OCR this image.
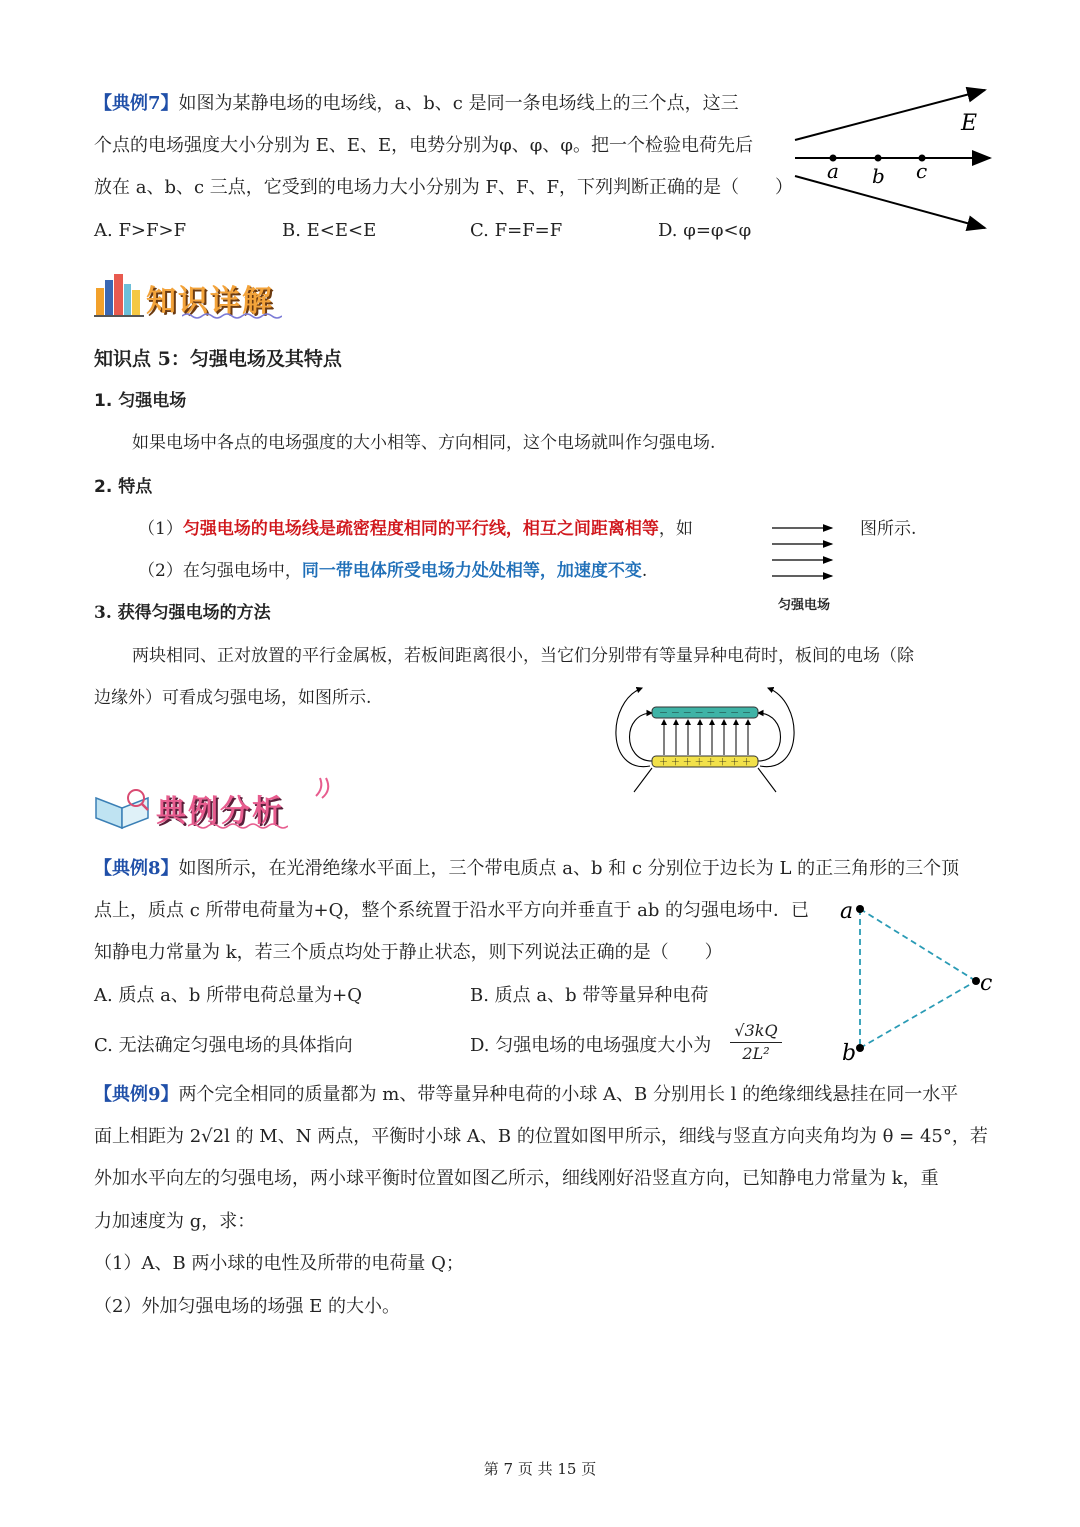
【典例7】如图为某静电场的电场线，a、b、c 是同一条电场线上的三个点，这三
个点的电场强度大小分别为 E、E、E，电势分别为φ、φ、φ。把一个检验电荷先后
放在 a、b、c 三点，它受到的电场力大小分别为 F、F、F，下列判断正确的是（　　）
A. F>F>F	B. E<E<E	C. F=F=F	D. φ=φ<φ
E
a b c
知识详解
知识点 5：匀强电场及其特点
1. 匀强电场
如果电场中各点的电场强度的大小相等、方向相同，这个电场就叫作匀强电场.
2. 特点
（1）匀强电场的电场线是疏密程度相同的平行线，相互之间距离相等，如	图所示.
（2）在匀强电场中，同一带电体所受电场力处处相等，加速度不变.
匀强电场
3. 获得匀强电场的方法
两块相同、正对放置的平行金属板，若板间距离很小，当它们分别带有等量异种电荷时，板间的电场（除
边缘外）可看成匀强电场，如图所示.
－ － － － － － － －
＋ ＋ ＋ ＋ ＋ ＋ ＋ ＋
典例分析
【典例8】如图所示，在光滑绝缘水平面上，三个带电质点 a、b 和 c 分别位于边长为 L 的正三角形的三个顶
点上，质点 c 所带电荷量为+Q，整个系统置于沿水平方向并垂直于 ab 的匀强电场中．已
知静电力常量为 k，若三个质点均处于静止状态，则下列说法正确的是（　　）
A. 质点 a、b 所带电荷总量为+Q	B. 质点 a、b 带等量异种电荷
C. 无法确定匀强电场的具体指向	D. 匀强电场的电场强度大小为 $\frac{√3kQ}{\text{2L²}}$
a
c
b
【典例9】两个完全相同的质量都为 m、带等量异种电荷的小球 A、B 分别用长 l 的绝缘细线悬挂在同一水平
面上相距为 2√2l 的 M、N 两点，平衡时小球 A、B 的位置如图甲所示，细线与竖直方向夹角均为 θ = 45°，若
外加水平向左的匀强电场，两小球平衡时位置如图乙所示，细线刚好沿竖直方向，已知静电力常量为 k，重
力加速度为 g，求：
（1）A、B 两小球的电性及所带的电荷量 Q；
（2）外加匀强电场的场强 E 的大小。
第 7 页 共 15 页
